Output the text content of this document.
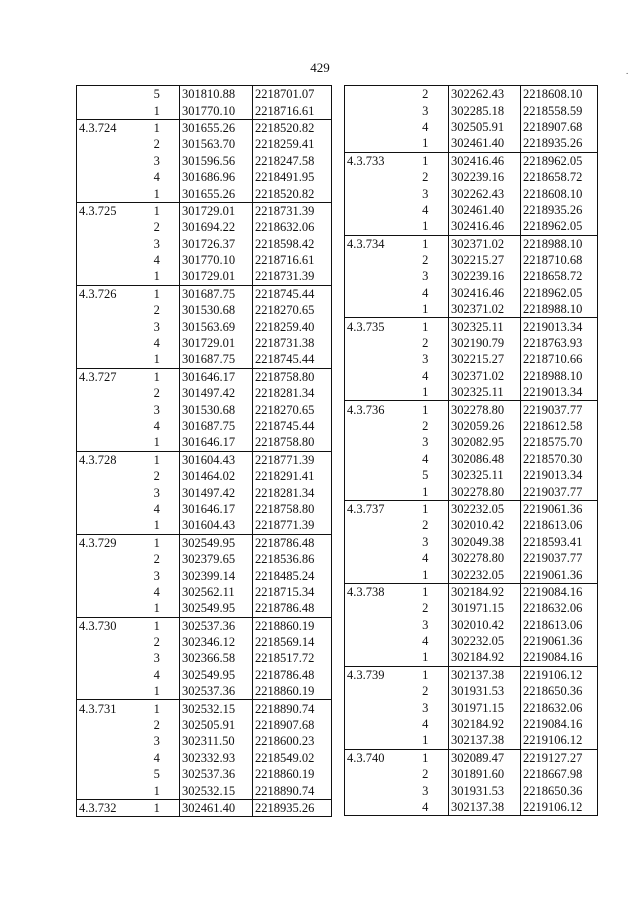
429	.
	5	301810.88	2218701.07
	1	301770.10	2218716.61
4.3.724	1	301655.26	2218520.82
	2	301563.70	2218259.41
	3	301596.56	2218247.58
	4	301686.96	2218491.95
	1	301655.26	2218520.82
4.3.725	1	301729.01	2218731.39
	2	301694.22	2218632.06
	3	301726.37	2218598.42
	4	301770.10	2218716.61
	1	301729.01	2218731.39
4.3.726	1	301687.75	2218745.44
	2	301530.68	2218270.65
	3	301563.69	2218259.40
	4	301729.01	2218731.38
	1	301687.75	2218745.44
4.3.727	1	301646.17	2218758.80
	2	301497.42	2218281.34
	3	301530.68	2218270.65
	4	301687.75	2218745.44
	1	301646.17	2218758.80
4.3.728	1	301604.43	2218771.39
	2	301464.02	2218291.41
	3	301497.42	2218281.34
	4	301646.17	2218758.80
	1	301604.43	2218771.39
4.3.729	1	302549.95	2218786.48
	2	302379.65	2218536.86
	3	302399.14	2218485.24
	4	302562.11	2218715.34
	1	302549.95	2218786.48
4.3.730	1	302537.36	2218860.19
	2	302346.12	2218569.14
	3	302366.58	2218517.72
	4	302549.95	2218786.48
	1	302537.36	2218860.19
4.3.731	1	302532.15	2218890.74
	2	302505.91	2218907.68
	3	302311.50	2218600.23
	4	302332.93	2218549.02
	5	302537.36	2218860.19
	1	302532.15	2218890.74
4.3.732	1	302461.40	2218935.26
	2	302262.43	2218608.10
	3	302285.18	2218558.59
	4	302505.91	2218907.68
	1	302461.40	2218935.26
4.3.733	1	302416.46	2218962.05
	2	302239.16	2218658.72
	3	302262.43	2218608.10
	4	302461.40	2218935.26
	1	302416.46	2218962.05
4.3.734	1	302371.02	2218988.10
	2	302215.27	2218710.68
	3	302239.16	2218658.72
	4	302416.46	2218962.05
	1	302371.02	2218988.10
4.3.735	1	302325.11	2219013.34
	2	302190.79	2218763.93
	3	302215.27	2218710.66
	4	302371.02	2218988.10
	1	302325.11	2219013.34
4.3.736	1	302278.80	2219037.77
	2	302059.26	2218612.58
	3	302082.95	2218575.70
	4	302086.48	2218570.30
	5	302325.11	2219013.34
	1	302278.80	2219037.77
4.3.737	1	302232.05	2219061.36
	2	302010.42	2218613.06
	3	302049.38	2218593.41
	4	302278.80	2219037.77
	1	302232.05	2219061.36
4.3.738	1	302184.92	2219084.16
	2	301971.15	2218632.06
	3	302010.42	2218613.06
	4	302232.05	2219061.36
	1	302184.92	2219084.16
4.3.739	1	302137.38	2219106.12
	2	301931.53	2218650.36
	3	301971.15	2218632.06
	4	302184.92	2219084.16
	1	302137.38	2219106.12
4.3.740	1	302089.47	2219127.27
	2	301891.60	2218667.98
	3	301931.53	2218650.36
	4	302137.38	2219106.12
